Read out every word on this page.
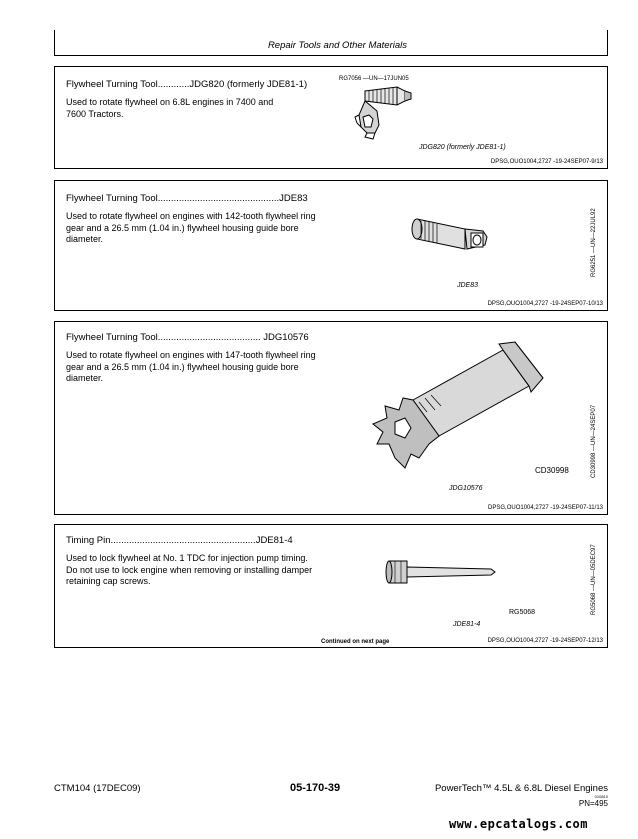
Repair Tools and Other Materials
Flywheel Turning Tool............JDG820 (formerly JDE81-1)
Used to rotate flywheel on 6.8L engines in 7400 and 7600 Tractors.
RG7056 —UN—17JUN05
JDG820 (formerly JDE81-1)
DPSG,OUO1004,2727 -19-24SEP07-9/13
Flywheel Turning Tool..............................................JDE83
Used to rotate flywheel on engines with 142-tooth flywheel ring gear and a 26.5 mm (1.04 in.) flywheel housing guide bore diameter.	RG6251 —UN—22JUL92
JDE83
DPSG,OUO1004,2727 -19-24SEP07-10/13
Flywheel Turning Tool....................................... JDG10576
Used to rotate flywheel on engines with 147-tooth flywheel ring gear and a 26.5 mm (1.04 in.) flywheel housing guide bore diameter.
CD30998 —UN—24SEP07
CD30998
JDG10576
DPSG,OUO1004,2727 -19-24SEP07-11/13
Timing Pin.......................................................JDE81-4
Used to lock flywheel at No. 1 TDC for injection pump timing. Do not use to lock engine when removing or installing damper retaining cap screws.	RG5068 —UN—05DEC97
RG5068
JDE81-4
Continued on next page	DPSG,OUO1004,2727 -19-24SEP07-12/13
CTM104 (17DEC09)	05-170-39	PowerTech™ 4.5L & 6.8L Diesel Engines
010810
PN=495
www.epcatalogs.com
